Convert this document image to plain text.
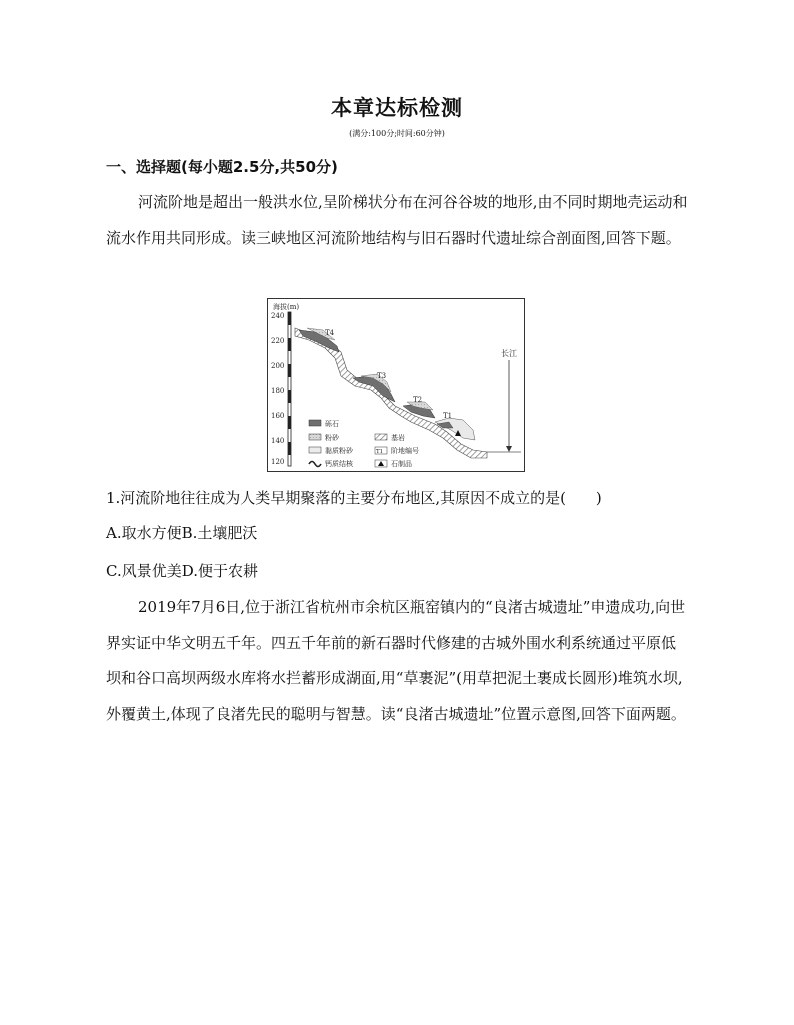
本章达标检测
(满分:100分;时间:60分钟)
一、选择题(每小题2.5分,共50分)
河流阶地是超出一般洪水位,呈阶梯状分布在河谷谷坡的地形,由不同时期地壳运动和流水作用共同形成。读三峡地区河流阶地结构与旧石器时代遗址综合剖面图,回答下题。
海拔(m)
240
220
200
180
160
140
120
T4
T3
T2
T1
长江
砾石
粉砂	基岩
黏质粉砂	T1 阶地编号
钙质结核	石制品
1.河流阶地往往成为人类早期聚落的主要分布地区,其原因不成立的是(　　)
A.取水方便B.土壤肥沃
C.风景优美D.便于农耕
2019年7月6日,位于浙江省杭州市余杭区瓶窑镇内的“良渚古城遗址”申遗成功,向世界实证中华文明五千年。四五千年前的新石器时代修建的古城外围水利系统通过平原低坝和谷口高坝两级水库将水拦蓄形成湖面,用“草裹泥”(用草把泥土裹成长圆形)堆筑水坝,外覆黄土,体现了良渚先民的聪明与智慧。读“良渚古城遗址”位置示意图,回答下面两题。
